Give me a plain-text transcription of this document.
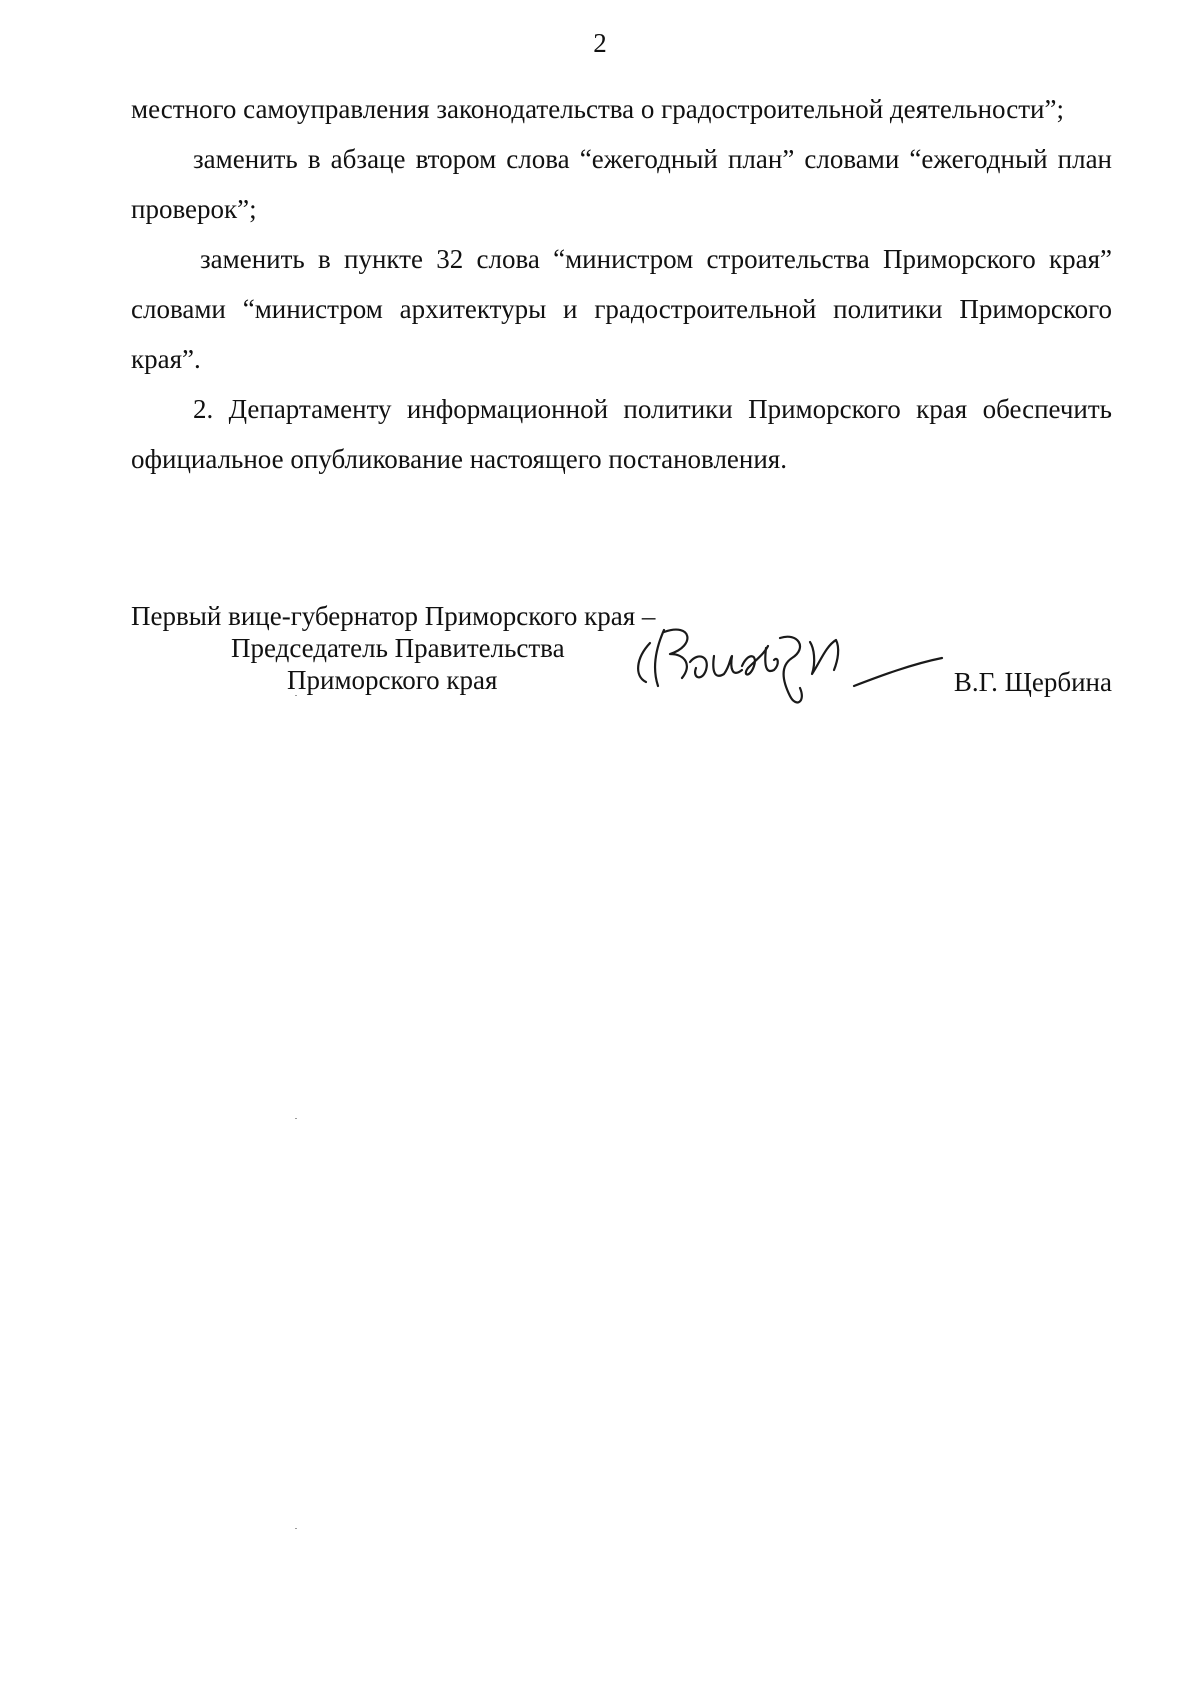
2

местного самоуправления законодательства о градостроительной деятельности”;

заменить в абзаце втором слова “ежегодный план” словами “ежегодный план проверок”;

заменить в пункте 32 слова “министром строительства Приморского края” словами “министром архитектуры и градостроительной политики Приморского края”.

2. Департаменту информационной политики Приморского края обеспечить официальное опубликование настоящего постановления.

Первый вице-губернатор Приморского края –
Председатель Правительства
Приморского края	В.Г. Щербина
